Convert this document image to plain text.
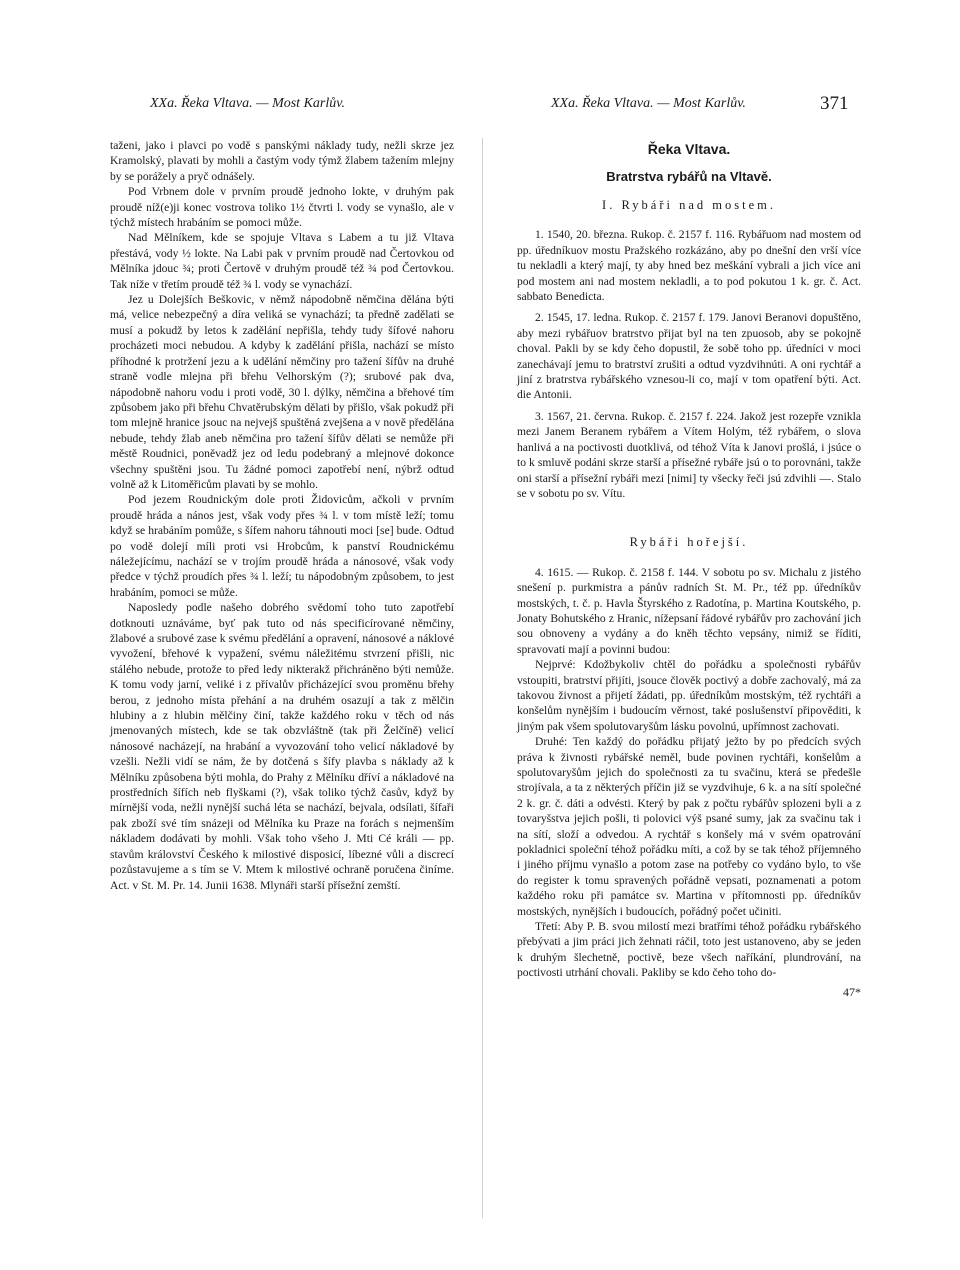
XXa. Řeka Vltava. — Most Karlův.	XXa. Řeka Vltava. — Most Karlův.	371

taženi, jako i plavci po vodě s panskými náklady tudy, nežli skrze jez Kramolský, plavati by mohli a častým vody týmž žlabem tažením mlejny by se porážely a pryč odnášely.

Pod Vrbnem dole v prvním proudě jednoho lokte, v druhým pak proudě níž(e)ji konec vostrova toliko 1½ čtvrti l. vody se vynašlo, ale v týchž místech hrabáním se pomoci může.

Nad Mělníkem, kde se spojuje Vltava s Labem a tu již Vltava přestává, vody ½ lokte. Na Labi pak v prvním proudě nad Čertovkou od Mělníka jdouc ¾; proti Čertově v druhým proudě též ¾ pod Čertovkou. Tak níže v třetím proudě též ¾ l. vody se vynachází.

Jez u Dolejších Beškovic, v němž nápodobně němčina dělána býti má, velice nebezpečný a díra veliká se vynachází; ta předně zadělati se musí a pokudž by letos k zadělání nepřišla, tehdy tudy šífové nahoru procházeti moci nebudou. A kdyby k zadělání přišla, nachází se místo příhodné k protržení jezu a k udělání němčiny pro tažení šífův na druhé straně vodle mlejna při břehu Velhorským (?); srubové pak dva, nápodobně nahoru vodu i proti vodě, 30 l. dýlky, němčina a břehové tím způsobem jako při břehu Chvatěrubským dělati by přišlo, však pokudž při tom mlejně hranice jsouc na nejvejš spuštěná zvejšena a v nově předělána nebude, tehdy žlab aneb němčina pro tažení šífův dělati se nemůže při městě Roudnici, poněvadž jez od ledu podebraný a mlejnové dokonce všechny spuštěni jsou. Tu žádné pomoci zapotřebí není, nýbrž odtud volně až k Litoměřicům plavati by se mohlo.

Pod jezem Roudnickým dole proti Židovicům, ačkoli v prvním proudě hráda a nános jest, však vody přes ¾ l. v tom místě leží; tomu když se hrabáním pomůže, s šífem nahoru táhnouti moci [se] bude. Odtud po vodě dolejí míli proti vsi Hrobcům, k panství Roudnickému náležejícímu, nachází se v trojím proudě hráda a nánosové, však vody předce v týchž proudích přes ¾ l. leží; tu nápodobným způsobem, to jest hrabáním, pomoci se může.

Naposledy podle našeho dobrého svědomí toho tuto zapotřebí dotknouti uznáváme, byť pak tuto od nás specificírované němčiny, žlabové a srubové zase k svému předělání a opravení, nánosové a náklové vyvožení, břehové k vypažení, svému náležitému stvrzení přišli, nic stálého nebude, protože to před ledy nikterakž přichráněno býti nemůže. K tomu vody jarní, veliké i z přívalův přicházející svou proměnu břehy berou, z jednoho místa přehání a na druhém osazují a tak z mělčin hlubiny a z hlubin mělčiny činí, takže každého roku v těch od nás jmenovaných místech, kde se tak obzvláštně (tak při Želčíně) velicí nánosové nacházejí, na hrabání a vyvozování toho velicí nákladové by vzešli. Nežli vidí se nám, že by dotčená s šífy plavba s náklady až k Mělníku způsobena býti mohla, do Prahy z Mělníku dříví a nákladové na prostředních šífích neb flyškami (?), však toliko týchž časův, když by mírnější voda, nežli nynější suchá léta se nachází, bejvala, odsílati, šífaři pak zboží své tím snázeji od Mělníka ku Praze na forách s nejmenším nákladem dodávati by mohli. Však toho všeho J. Mti Cé králi — pp. stavům království Českého k milostivé disposicí, líbezné vůli a discrecí pozůstavujeme a s tím se V. Mtem k milostivé ochraně poručena činíme. Act. v St. M. Pr. 14. Junii 1638. Mlynáři starší přísežní zemští.

Řeka Vltava.
Bratrstva rybářů na Vltavě.
I. Rybáři nad mostem.

1. 1540, 20. března. Rukop. č. 2157 f. 116. Rybářuom nad mostem od pp. úředníkuov mostu Pražského rozkázáno, aby po dnešní den vrší více tu nekladli a který mají, ty aby hned bez meškání vybrali a jich více ani pod mostem ani nad mostem nekladli, a to pod pokutou 1 k. gr. č. Act. sabbato Benedicta.

2. 1545, 17. ledna. Rukop. č. 2157 f. 179. Janovi Beranovi dopuštěno, aby mezi rybářuov bratrstvo přijat byl na ten zpuosob, aby se pokojně choval. Pakli by se kdy čeho dopustil, že sobě toho pp. úředníci v moci zanechávají jemu to bratrství zrušiti a odtud vyzdvihnúti. A oni rychtář a jiní z bratrstva rybářského vznesou-li co, mají v tom opatření býti. Act. die Antonii.

3. 1567, 21. června. Rukop. č. 2157 f. 224. Jakož jest rozepře vznikla mezi Janem Beranem rybářem a Vítem Holým, též rybářem, o slova hanlivá a na poctivosti duotklivá, od téhož Víta k Janovi prošlá, i jsúce o to k smluvě podáni skrze starší a přísežné rybáře jsú o to porovnáni, takže oni starší a přísežní rybáři mezi [nimi] ty všecky řeči jsú zdvihli —. Stalo se v sobotu po sv. Vítu.

Rybáři hořejší.

4. 1615. — Rukop. č. 2158 f. 144. V sobotu po sv. Michalu z jistého snešení p. purkmistra a pánův radních St. M. Pr., též pp. úředníkův mostských, t. č. p. Havla Štyrského z Radotína, p. Martina Koutského, p. Jonaty Bohutského z Hranic, nížepsaní řádové rybářův pro zachování jich sou obnoveny a vydány a do kněh těchto vepsány, nimiž se říditi, spravovati mají a povinni budou:

Nejprvé: Kdožbykoliv chtěl do pořádku a společnosti rybářův vstoupiti, bratrství přijíti, jsouce člověk poctivý a dobře zachovalý, má za takovou živnost a přijetí žádati, pp. úředníkům mostským, též rychtáři a konšelům nynějším i budoucím věrnost, také poslušenství připověditi, k jiným pak všem spolutovaryšům lásku povolnú, upřímnost zachovati.

Druhé: Ten každý do pořádku přijatý ježto by po předcích svých práva k živnosti rybářské neměl, bude povinen rychtáři, konšelům a spolutovaryšům jejich do společnosti za tu svačinu, která se předešle strojívala, a ta z některých příčin již se vyzdvihuje, 6 k. a na sítí společné 2 k. gr. č. dáti a odvésti. Který by pak z počtu rybářův splozeni byli a z tovaryšstva jejich pošli, ti polovici výš psané sumy, jak za svačinu tak i na sítí, složí a odvedou. A rychtář s konšely má v svém opatrování pokladnici společní téhož pořádku míti, a což by se tak téhož příjemného i jiného příjmu vynašlo a potom zase na potřeby co vydáno bylo, to vše do register k tomu spravených pořádně vepsati, poznamenati a potom každého roku při památce sv. Martina v přítomnosti pp. úředníkův mostských, nynějších i budoucích, pořádný počet učiniti.

Třetí: Aby P. B. svou milostí mezi bratřími téhož pořádku rybářského přebývati a jim práci jich žehnati ráčil, toto jest ustanoveno, aby se jeden k druhým šlechetně, poctivě, beze všech naříkání, plundrování, na poctivosti utrhání chovali. Pakliby se kdo čeho toho do-

47*
